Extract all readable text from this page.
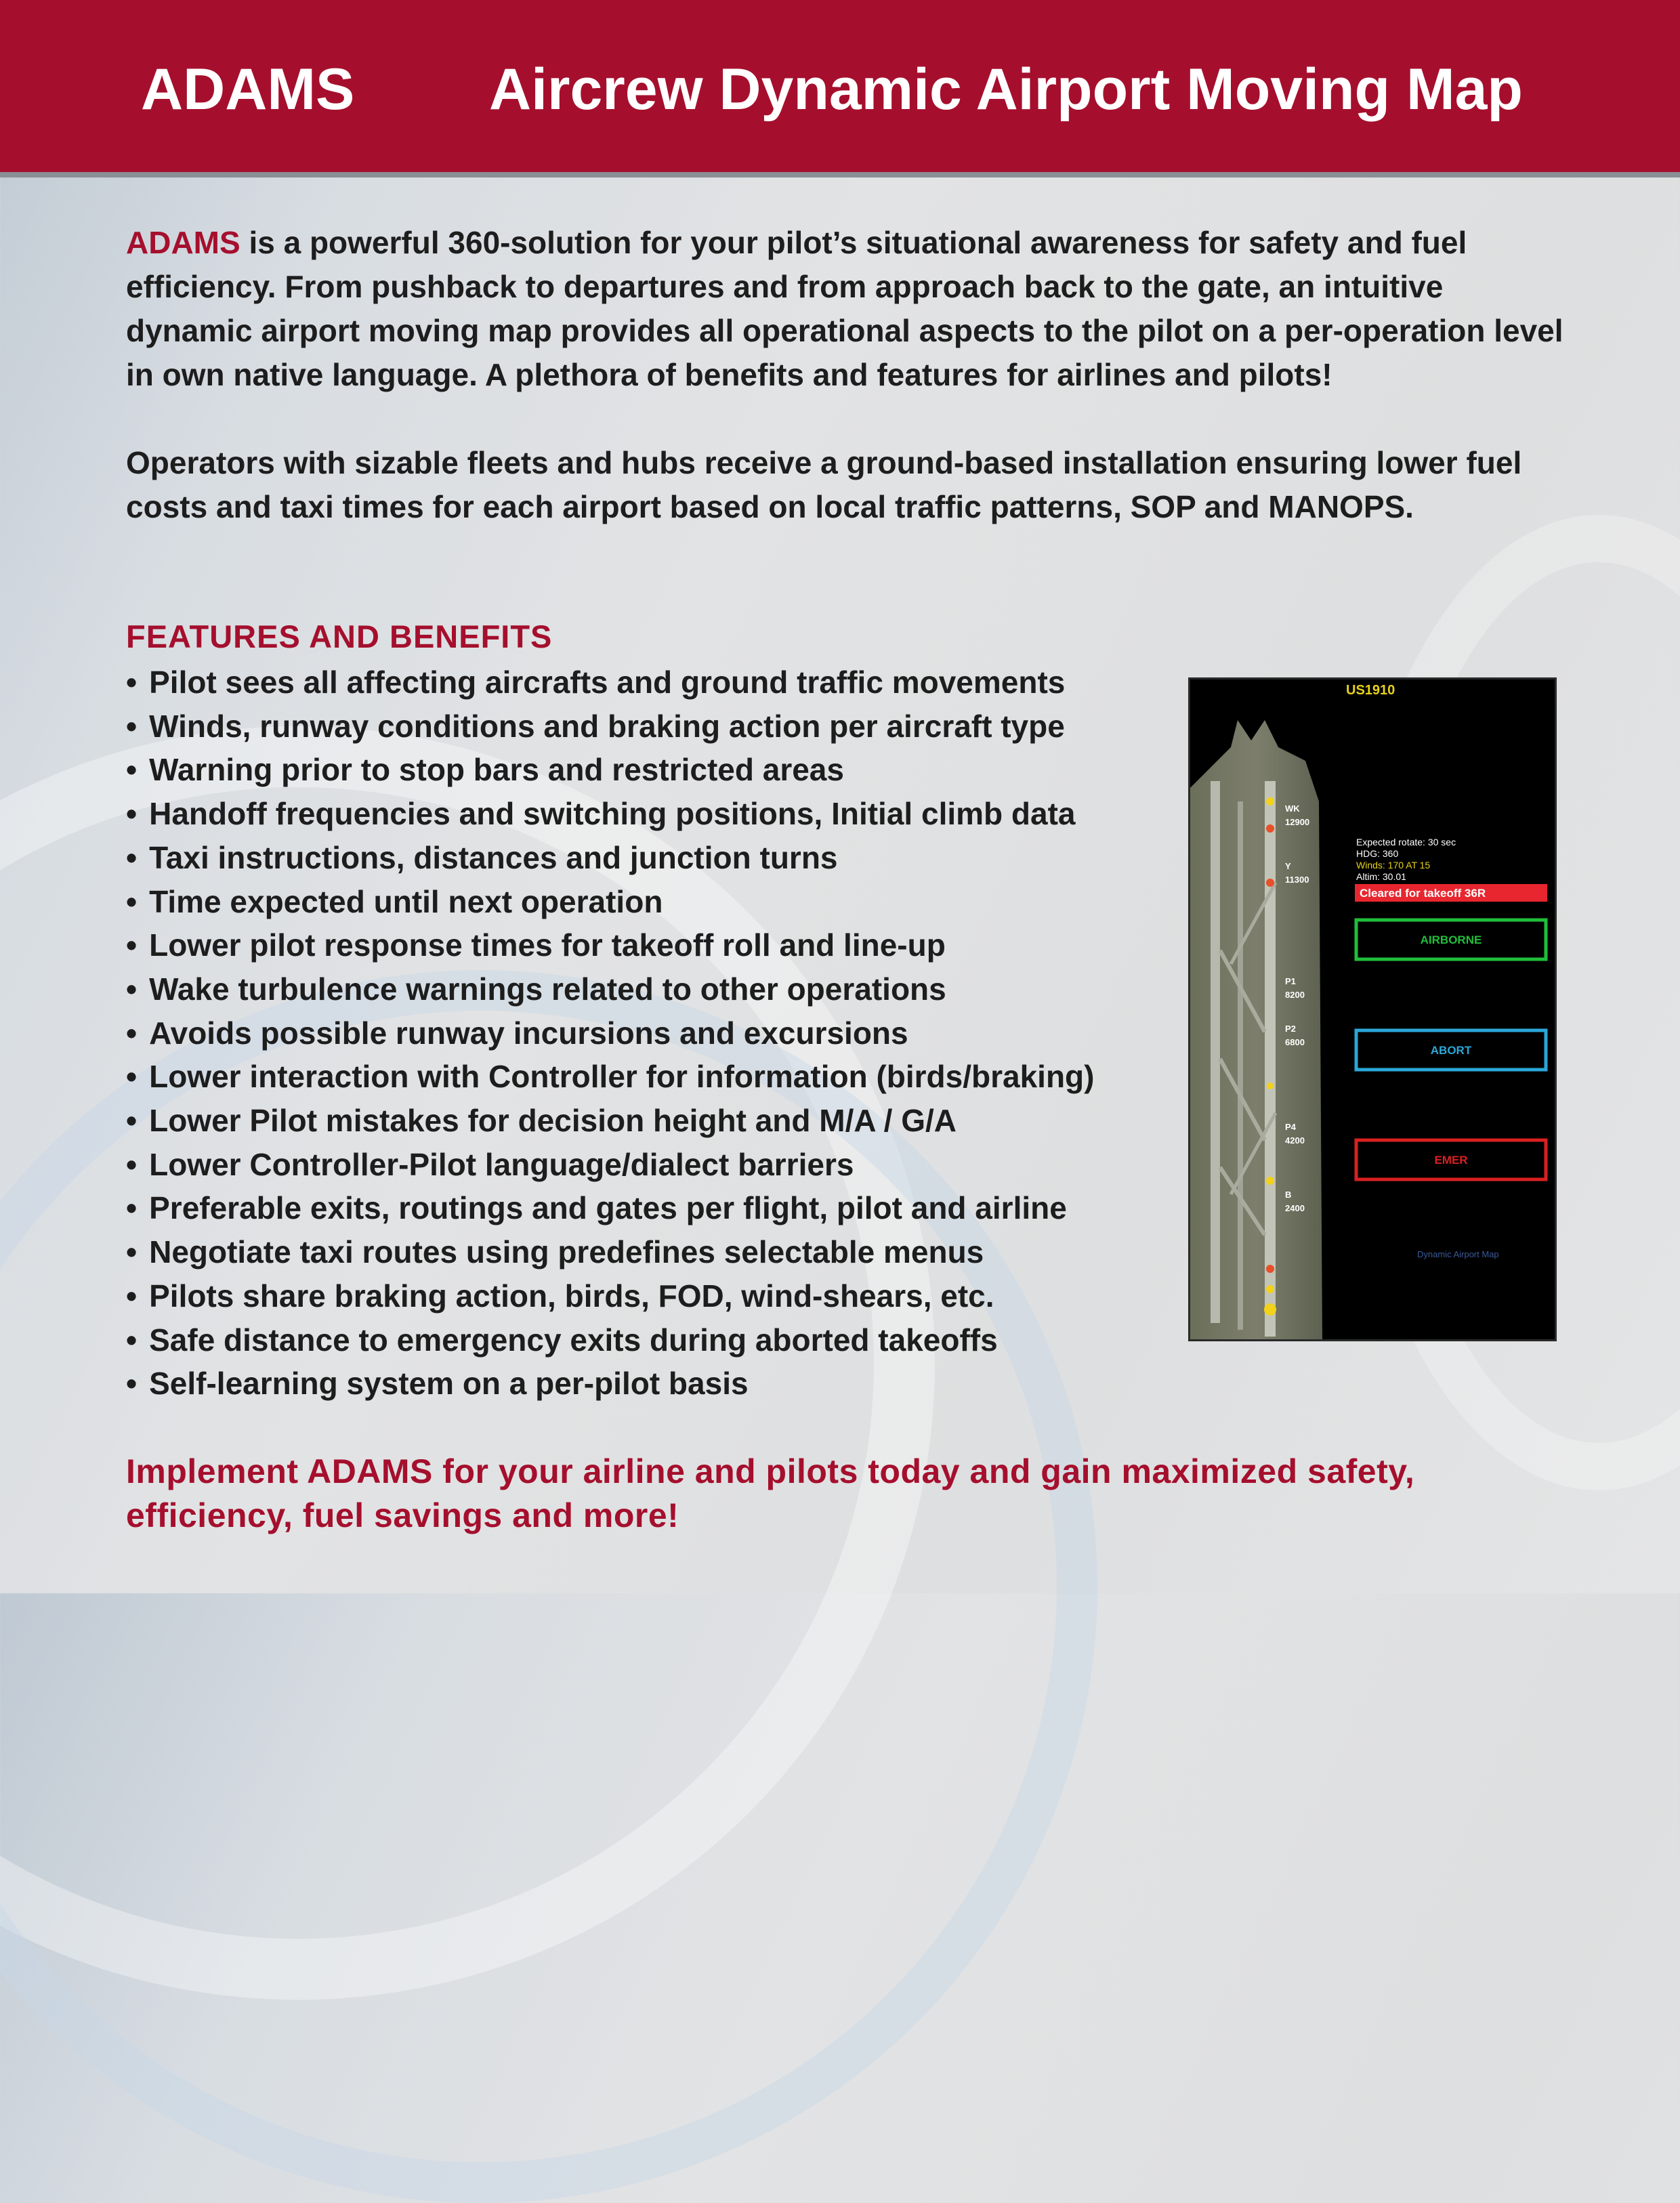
ADAMS Aircrew Dynamic Airport Moving Map

ADAMS is a powerful 360-solution for your pilot’s situational awareness for safety and fuel efficiency. From pushback to departures and from approach back to the gate, an intuitive dynamic airport moving map provides all operational aspects to the pilot on a per-operation level in own native language. A plethora of benefits and features for airlines and pilots!

Operators with sizable fleets and hubs receive a ground-based installation ensuring lower fuel costs and taxi times for each airport based on local traffic patterns, SOP and MANOPS.

FEATURES AND BENEFITS
• Pilot sees all affecting aircrafts and ground traffic movements
• Winds, runway conditions and braking action per aircraft type
• Warning prior to stop bars and restricted areas
• Handoff frequencies and switching positions, Initial climb data
• Taxi instructions, distances and junction turns
• Time expected until next operation
• Lower pilot response times for takeoff roll and line-up
• Wake turbulence warnings related to other operations
• Avoids possible runway incursions and excursions
• Lower interaction with Controller for information (birds/braking)
• Lower Pilot mistakes for decision height and M/A / G/A
• Lower Controller-Pilot language/dialect barriers
• Preferable exits, routings and gates per flight, pilot and airline
• Negotiate taxi routes using predefines selectable menus
• Pilots share braking action, birds, FOD, wind-shears, etc.
• Safe distance to emergency exits during aborted takeoffs
• Self-learning system on a per-pilot basis
WK
12900
Y
11300
P1
8200
P2
6800
P4
4200
B
2400
US1910
Expected rotate: 30 sec
HDG: 360
Winds: 170 AT 15
Altim: 30.01
Cleared for takeoff 36R
AIRBORNE
ABORT
EMER
Dynamic Airport Map

Implement ADAMS for your airline and pilots today and gain maximized safety, efficiency, fuel savings and more!
